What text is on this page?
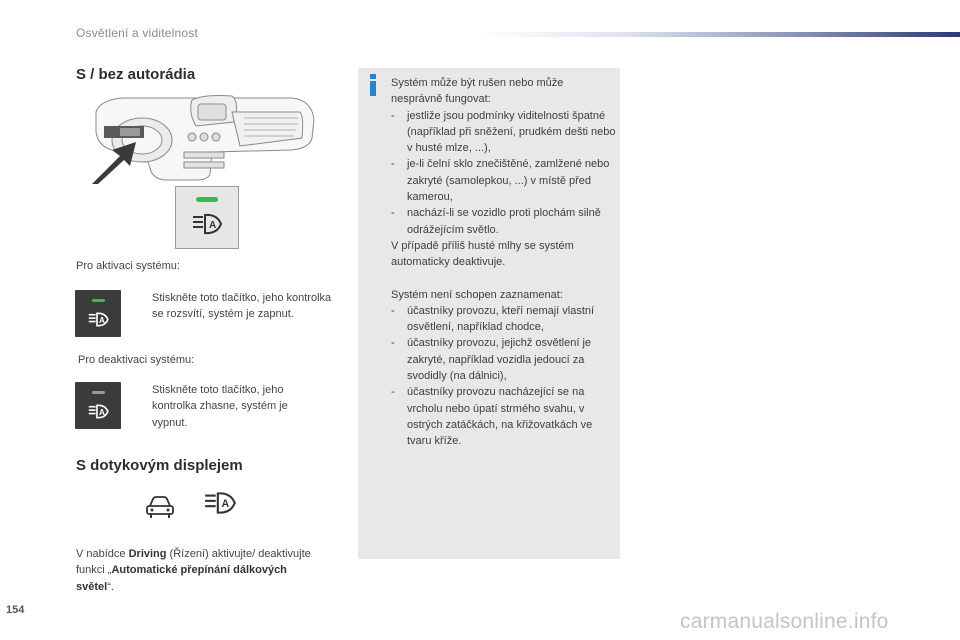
Osvětlení a viditelnost
S / bez autorádia
A
Pro aktivaci systému:
A
Stiskněte toto tlačítko, jeho kontrolka se rozsvítí, systém je zapnut.
Pro deaktivaci systému:
A
Stiskněte toto tlačítko, jeho kontrolka zhasne, systém je vypnut.
S dotykovým displejem
A
V nabídce Driving (Řízení) aktivujte/ deaktivujte funkci „Automatické přepínání dálkových světel“.
Systém může být rušen nebo může nesprávně fungovat:
-	jestliže jsou podmínky viditelnosti špatné (například při sněžení, prudkém dešti nebo v husté mlze, ...),
-	je-li čelní sklo znečištěné, zamlžené nebo zakryté (samolepkou, ...) v místě před kamerou,
-	nachází-li se vozidlo proti plochám silně odrážejícím světlo.
V případě příliš husté mlhy se systém automaticky deaktivuje.
Systém není schopen zaznamenat:
-	účastníky provozu, kteří nemají vlastní osvětlení, například chodce,
-	účastníky provozu, jejichž osvětlení je zakryté, například vozidla jedoucí za svodidly (na dálnici),
-	účastníky provozu nacházející se na vrcholu nebo úpatí strmého svahu, v ostrých zatáčkách, na křižovatkách ve tvaru kříže.
154	carmanualsonline.info
